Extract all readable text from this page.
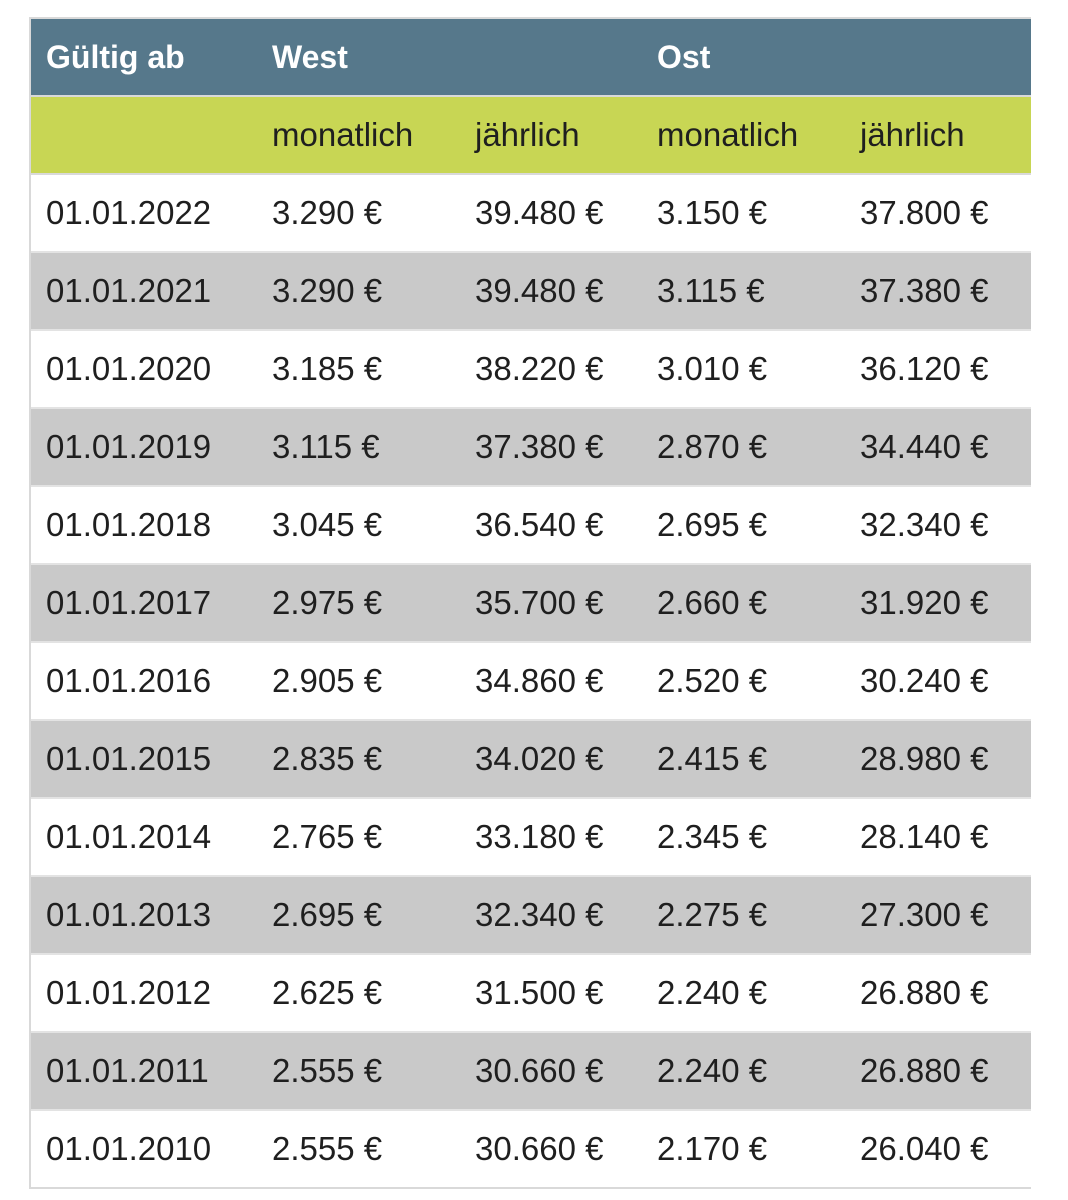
Gültig ab	West		Ost	
	monatlich	jährlich	monatlich	jährlich
01.01.2022	3.290 €	39.480 €	3.150 €	37.800 €
01.01.2021	3.290 €	39.480 €	3.115 €	37.380 €
01.01.2020	3.185 €	38.220 €	3.010 €	36.120 €
01.01.2019	3.115 €	37.380 €	2.870 €	34.440 €
01.01.2018	3.045 €	36.540 €	2.695 €	32.340 €
01.01.2017	2.975 €	35.700 €	2.660 €	31.920 €
01.01.2016	2.905 €	34.860 €	2.520 €	30.240 €
01.01.2015	2.835 €	34.020 €	2.415 €	28.980 €
01.01.2014	2.765 €	33.180 €	2.345 €	28.140 €
01.01.2013	2.695 €	32.340 €	2.275 €	27.300 €
01.01.2012	2.625 €	31.500 €	2.240 €	26.880 €
01.01.2011	2.555 €	30.660 €	2.240 €	26.880 €
01.01.2010	2.555 €	30.660 €	2.170 €	26.040 €
